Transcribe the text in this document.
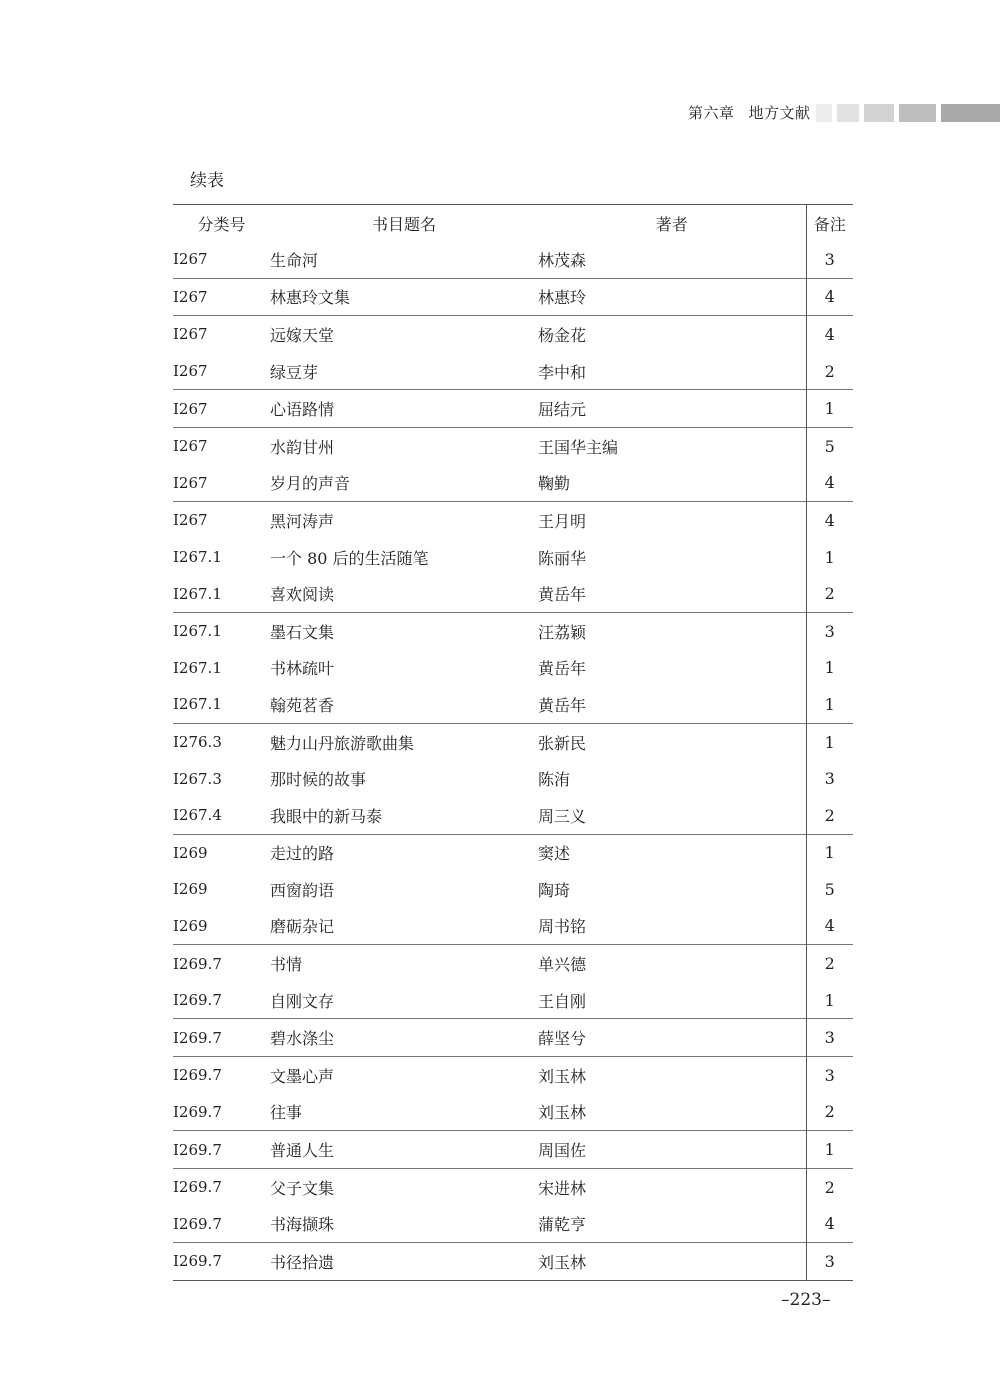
第六章 地方文献
续表
分类号	书目题名	著者	备注
I267	生命河	林茂森	3
I267	林惠玲文集	林惠玲	4
I267	远嫁天堂	杨金花	4
I267	绿豆芽	李中和	2
I267	心语路情	屈结元	1
I267	水韵甘州	王国华主编	5
I267	岁月的声音	鞠勤	4
I267	黑河涛声	王月明	4
I267.1	一个 80 后的生活随笔	陈丽华	1
I267.1	喜欢阅读	黄岳年	2
I267.1	墨石文集	汪荔颖	3
I267.1	书林疏叶	黄岳年	1
I267.1	翰苑茗香	黄岳年	1
I276.3	魅力山丹旅游歌曲集	张新民	1
I267.3	那时候的故事	陈洧	3
I267.4	我眼中的新马泰	周三义	2
I269	走过的路	窦述	1
I269	西窗韵语	陶琦	5
I269	磨砺杂记	周书铭	4
I269.7	书情	单兴德	2
I269.7	自刚文存	王自刚	1
I269.7	碧水涤尘	薛坚兮	3
I269.7	文墨心声	刘玉林	3
I269.7	往事	刘玉林	2
I269.7	普通人生	周国佐	1
I269.7	父子文集	宋进林	2
I269.7	书海撷珠	蒲乾亨	4
I269.7	书径拾遗	刘玉林	3
–223–
